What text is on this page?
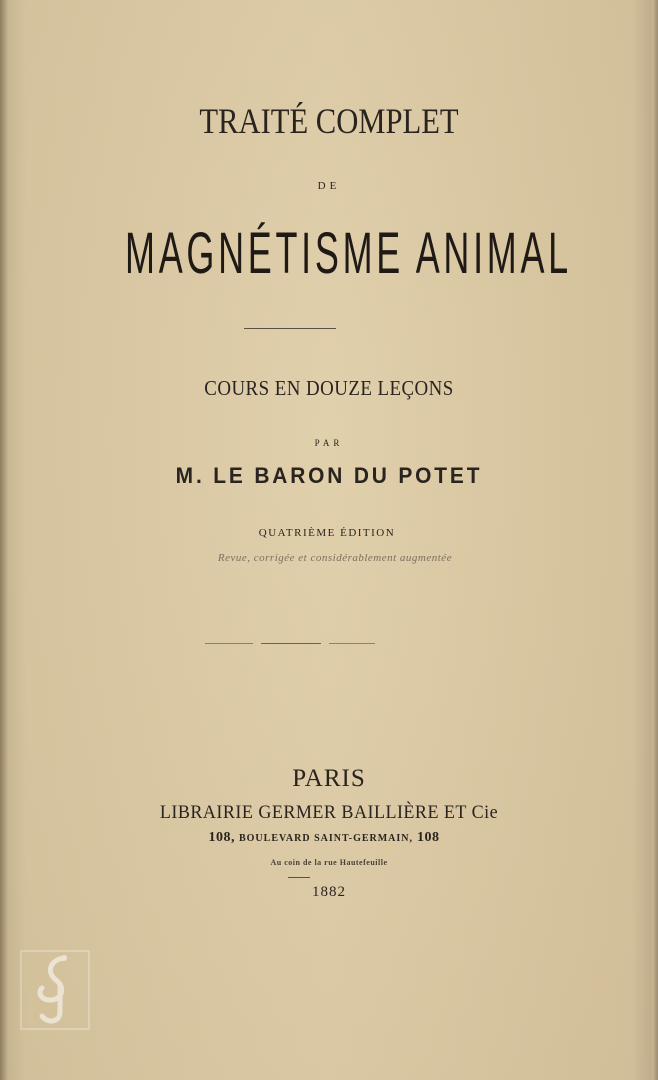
TRAITÉ COMPLET
DE
MAGNÉTISME ANIMAL
COURS EN DOUZE LEÇONS
PAR
M. LE BARON DU POTET
QUATRIÈME ÉDITION
Revue, corrigée et considérablement augmentée
PARIS
LIBRAIRIE GERMER BAILLIÈRE ET Cie
108, BOULEVARD SAINT-GERMAIN, 108
Au coin de la rue Hautefeuille
1882
